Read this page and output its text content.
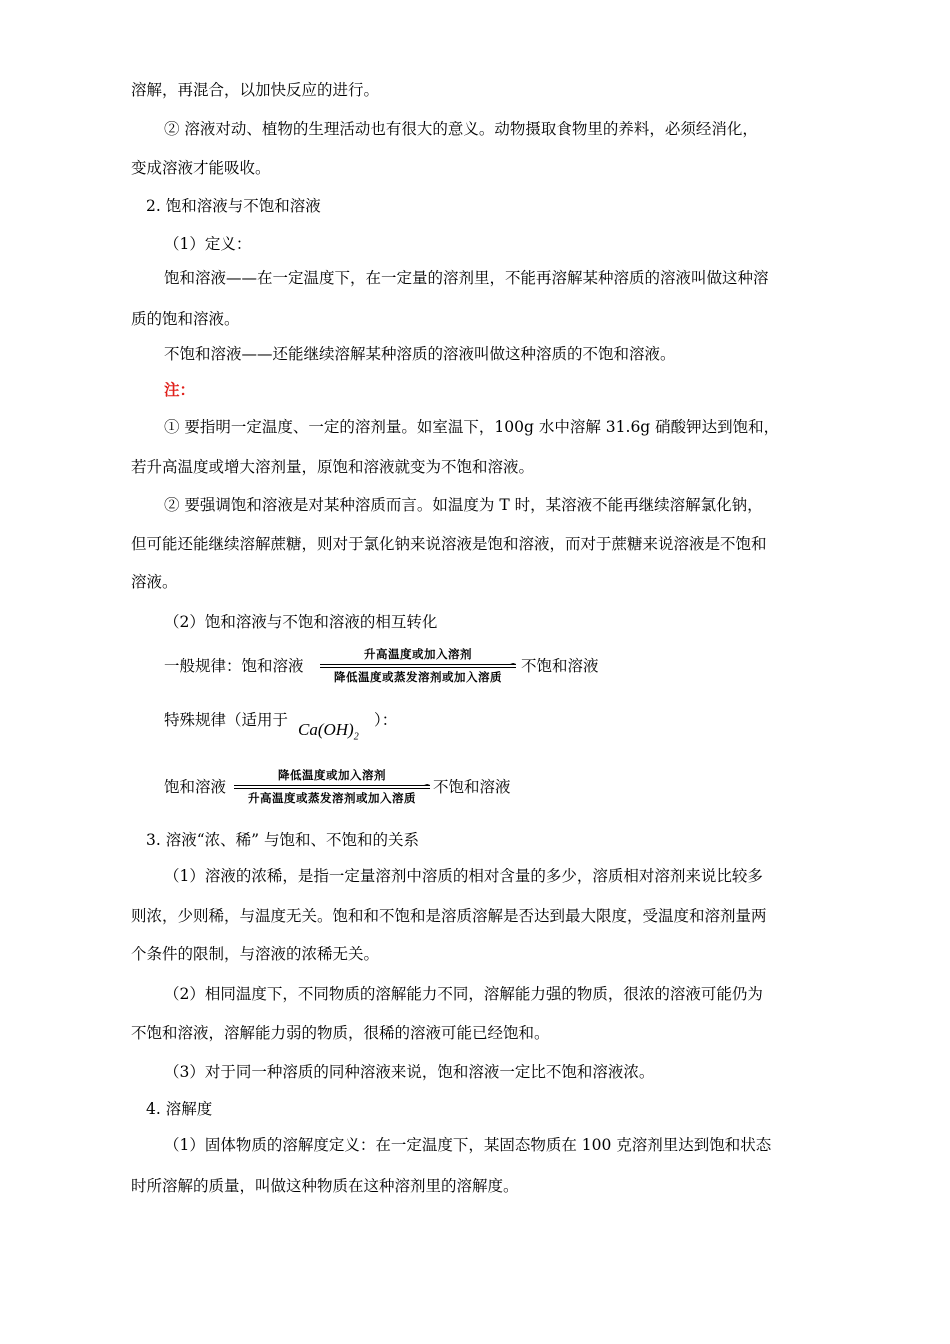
溶解，再混合，以加快反应的进行。
② 溶液对动、植物的生理活动也有很大的意义。动物摄取食物里的养料，必须经消化，
变成溶液才能吸收。
2. 饱和溶液与不饱和溶液
（1）定义：
饱和溶液——在一定温度下，在一定量的溶剂里，不能再溶解某种溶质的溶液叫做这种溶
质的饱和溶液。
不饱和溶液——还能继续溶解某种溶质的溶液叫做这种溶质的不饱和溶液。
注：
① 要指明一定温度、一定的溶剂量。如室温下，100g 水中溶解 31.6g 硝酸钾达到饱和，
若升高温度或增大溶剂量，原饱和溶液就变为不饱和溶液。
② 要强调饱和溶液是对某种溶质而言。如温度为 T 时，某溶液不能再继续溶解氯化钠，
但可能还能继续溶解蔗糖，则对于氯化钠来说溶液是饱和溶液，而对于蔗糖来说溶液是不饱和
溶液。
（2）饱和溶液与不饱和溶液的相互转化
一般规律：饱和溶液
升高温度或加入溶剂
降低温度或蒸发溶剂或加入溶质
不饱和溶液
特殊规律（适用于 $Ca(OH)_2$
）：
饱和溶液
降低温度或加入溶剂
升高温度或蒸发溶剂或加入溶质
不饱和溶液
3. 溶液“浓、稀” 与饱和、不饱和的关系
（1）溶液的浓稀，是指一定量溶剂中溶质的相对含量的多少，溶质相对溶剂来说比较多
则浓，少则稀，与温度无关。饱和和不饱和是溶质溶解是否达到最大限度，受温度和溶剂量两
个条件的限制，与溶液的浓稀无关。
（2）相同温度下，不同物质的溶解能力不同，溶解能力强的物质，很浓的溶液可能仍为
不饱和溶液，溶解能力弱的物质，很稀的溶液可能已经饱和。
（3）对于同一种溶质的同种溶液来说，饱和溶液一定比不饱和溶液浓。
4. 溶解度
（1）固体物质的溶解度定义：在一定温度下，某固态物质在 100 克溶剂里达到饱和状态
时所溶解的质量，叫做这种物质在这种溶剂里的溶解度。
